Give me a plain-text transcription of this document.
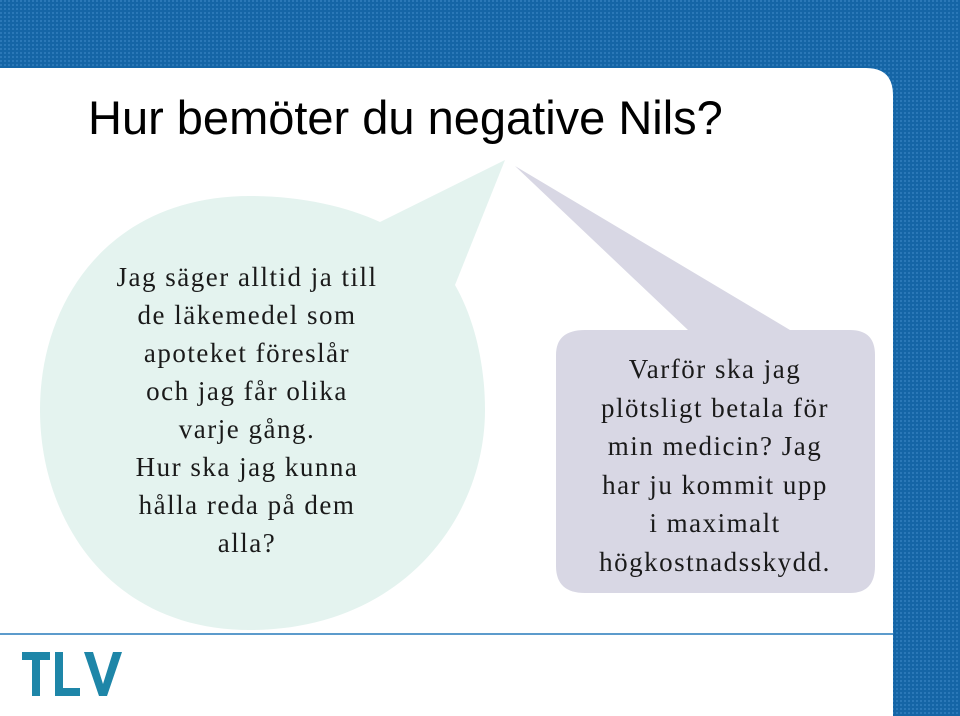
Hur bemöter du negative Nils?

Jag säger alltid ja till
de läkemedel som
apoteket föreslår
och jag får olika
varje gång.
Hur ska jag kunna
hålla reda på dem
alla?

Varför ska jag
plötsligt betala för
min medicin? Jag
har ju kommit upp
i maximalt
högkostnadsskydd.
